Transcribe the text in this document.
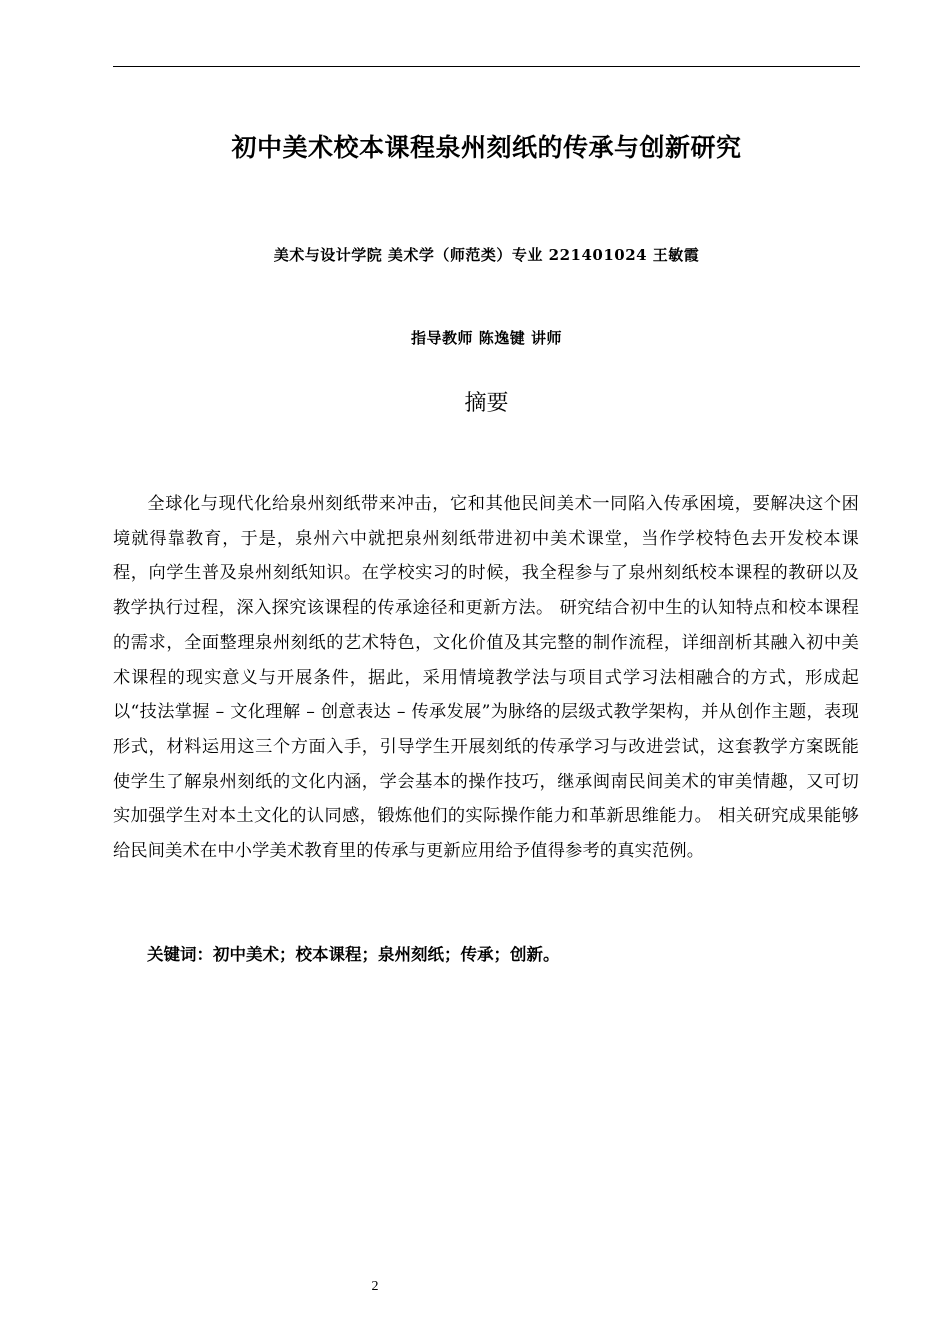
初中美术校本课程泉州刻纸的传承与创新研究
美术与设计学院 美术学（师范类）专业 221401024 王敏霞
指导教师 陈逸键 讲师
摘要

全球化与现代化给泉州刻纸带来冲击，它和其他民间美术一同陷入传承困境，要解决这个困境就得靠教育，于是，泉州六中就把泉州刻纸带进初中美术课堂，当作学校特色去开发校本课程，向学生普及泉州刻纸知识。在学校实习的时候，我全程参与了泉州刻纸校本课程的教研以及教学执行过程，深入探究该课程的传承途径和更新方法。 研究结合初中生的认知特点和校本课程的需求，全面整理泉州刻纸的艺术特色，文化价值及其完整的制作流程，详细剖析其融入初中美术课程的现实意义与开展条件，据此，采用情境教学法与项目式学习法相融合的方式，形成起以“技法掌握 – 文化理解 – 创意表达 – 传承发展”为脉络的层级式教学架构，并从创作主题，表现形式，材料运用这三个方面入手，引导学生开展刻纸的传承学习与改进尝试，这套教学方案既能使学生了解泉州刻纸的文化内涵，学会基本的操作技巧，继承闽南民间美术的审美情趣，又可切实加强学生对本土文化的认同感，锻炼他们的实际操作能力和革新思维能力。 相关研究成果能够给民间美术在中小学美术教育里的传承与更新应用给予值得参考的真实范例。

关键词：初中美术；校本课程；泉州刻纸；传承；创新。
2
